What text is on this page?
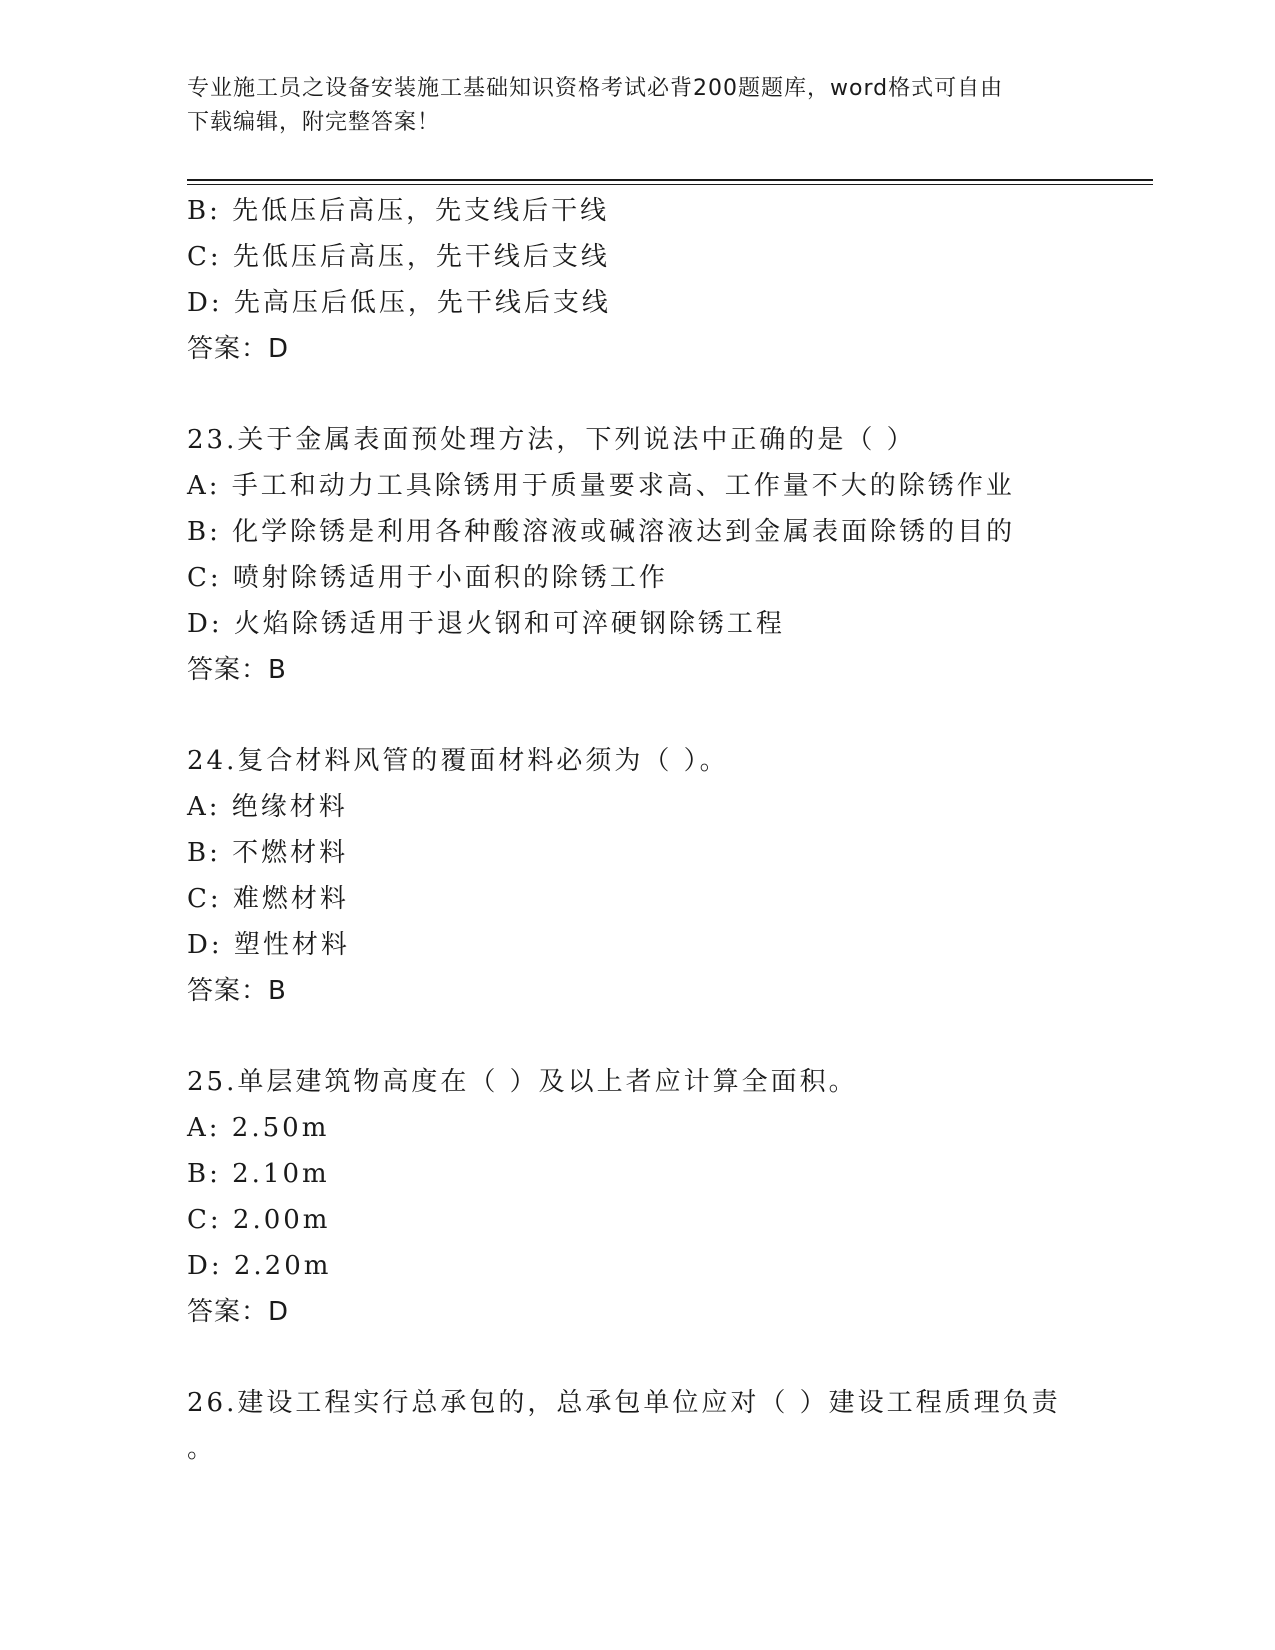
专业施工员之设备安装施工基础知识资格考试必背200题题库，word格式可自由
下载编辑，附完整答案！
B: 先低压后高压，先支线后干线
C: 先低压后高压，先干线后支线
D: 先高压后低压，先干线后支线
答案：D
23.关于金属表面预处理方法，下列说法中正确的是（ ）
A: 手工和动力工具除锈用于质量要求高、工作量不大的除锈作业
B: 化学除锈是利用各种酸溶液或碱溶液达到金属表面除锈的目的
C: 喷射除锈适用于小面积的除锈工作
D: 火焰除锈适用于退火钢和可淬硬钢除锈工程
答案：B
24.复合材料风管的覆面材料必须为（ ）。
A: 绝缘材料
B: 不燃材料
C: 难燃材料
D: 塑性材料
答案：B
25.单层建筑物高度在（ ）及以上者应计算全面积。
A: 2.50m
B: 2.10m
C: 2.00m
D: 2.20m
答案：D
26.建设工程实行总承包的，总承包单位应对（ ）建设工程质理负责
。
